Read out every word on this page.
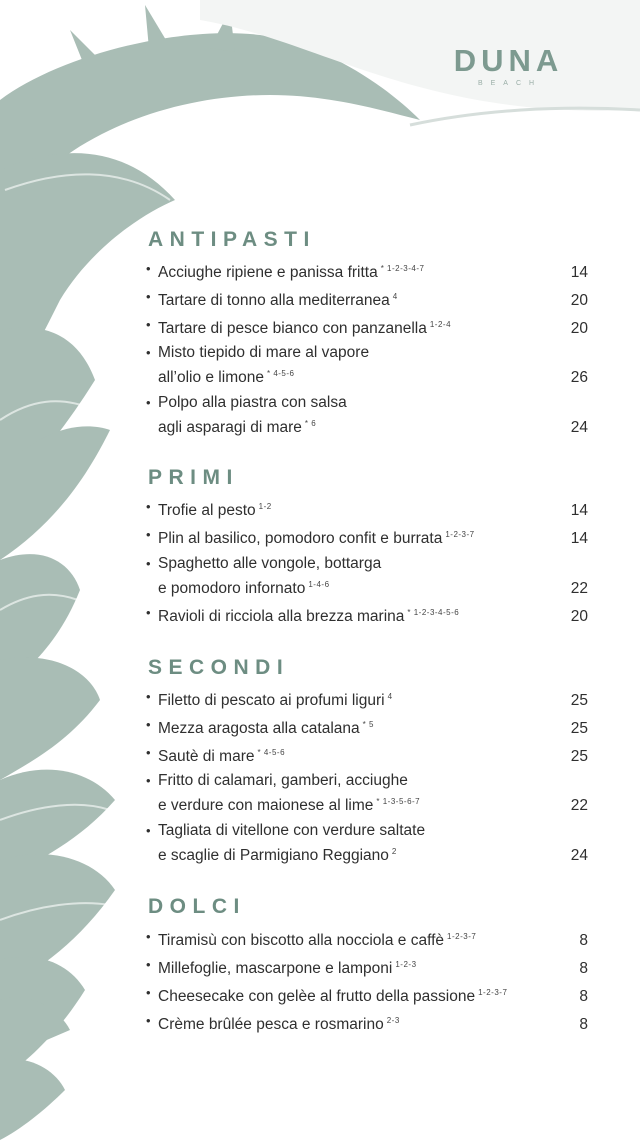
DUNA
BEACH
ANTIPASTI
• Acciughe ripiene e panissa fritta $^{* 1-2-3-4-7}$	14
• Tartare di tonno alla mediterranea $^4$	20
• Tartare di pesce bianco con panzanella $^{1-2-4}$	20
• Misto tiepido di mare al vapore
all’olio e limone $^{* 4-5-6}$	26
• Polpo alla piastra con salsa
agli asparagi di mare $^{* 6}$	24
PRIMI
• Trofie al pesto $^{1-2}$	14
• Plin al basilico, pomodoro confit e burrata $^{1-2-3-7}$	14
• Spaghetto alle vongole, bottarga
e pomodoro infornato $^{1-4-6}$	22
• Ravioli di ricciola alla brezza marina $^{* 1-2-3-4-5-6}$	20
SECONDI
• Filetto di pescato ai profumi liguri $^4$	25
• Mezza aragosta alla catalana $^{* 5}$	25
• Sautè di mare $^{* 4-5-6}$	25
• Fritto di calamari, gamberi, acciughe
e verdure con maionese al lime $^{* 1-3-5-6-7}$	22
• Tagliata di vitellone con verdure saltate
e scaglie di Parmigiano Reggiano $^2$	24
DOLCI
• Tiramisù con biscotto alla nocciola e caffè $^{1-2-3-7}$	8
• Millefoglie, mascarpone e lamponi $^{1-2-3}$	8
• Cheesecake con gelèe al frutto della passione $^{1-2-3-7}$	8
• Crème brûlée pesca e rosmarino $^{2-3}$	8
